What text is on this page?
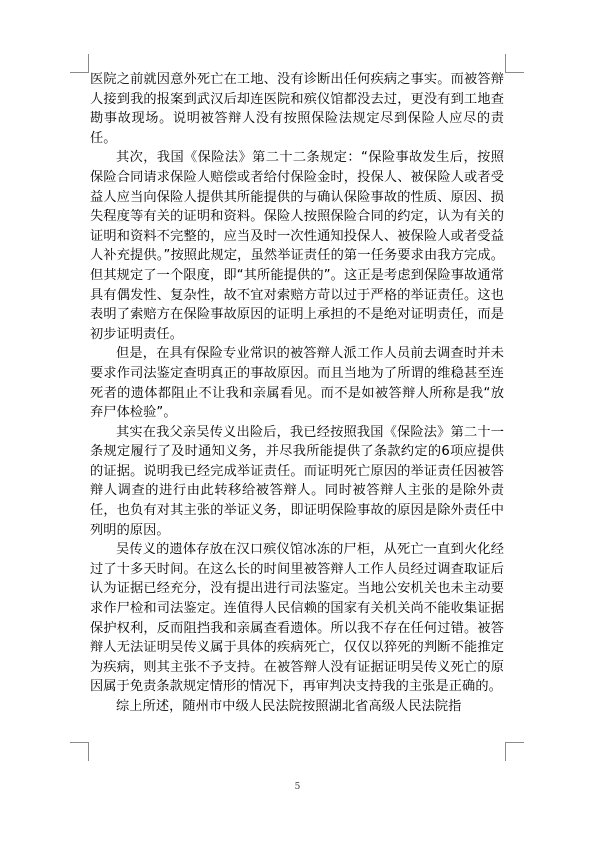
医院之前就因意外死亡在工地、没有诊断出任何疾病之事实。而被答辩人接到我的报案到武汉后却连医院和殡仪馆都没去过，更没有到工地查勘事故现场。说明被答辩人没有按照保险法规定尽到保险人应尽的责任。

其次，我国《保险法》第二十二条规定：“保险事故发生后，按照保险合同请求保险人赔偿或者给付保险金时，投保人、被保险人或者受益人应当向保险人提供其所能提供的与确认保险事故的性质、原因、损失程度等有关的证明和资料。保险人按照保险合同的约定，认为有关的证明和资料不完整的，应当及时一次性通知投保人、被保险人或者受益人补充提供。”按照此规定，虽然举证责任的第一任务要求由我方完成。但其规定了一个限度，即“其所能提供的”。这正是考虑到保险事故通常具有偶发性、复杂性，故不宜对索赔方苛以过于严格的举证责任。这也表明了索赔方在保险事故原因的证明上承担的不是绝对证明责任，而是初步证明责任。

但是，在具有保险专业常识的被答辩人派工作人员前去调查时并未要求作司法鉴定查明真正的事故原因。而且当地为了所谓的维稳甚至连死者的遗体都阻止不让我和亲属看见。而不是如被答辩人所称是我“放弃尸体检验”。

其实在我父亲吴传义出险后，我已经按照我国《保险法》第二十一条规定履行了及时通知义务，并尽我所能提供了条款约定的6项应提供的证据。说明我已经完成举证责任。而证明死亡原因的举证责任因被答辩人调查的进行由此转移给被答辩人。同时被答辩人主张的是除外责任，也负有对其主张的举证义务，即证明保险事故的原因是除外责任中列明的原因。

吴传义的遗体存放在汉口殡仪馆冰冻的尸柜，从死亡一直到火化经过了十多天时间。在这么长的时间里被答辩人工作人员经过调查取证后认为证据已经充分，没有提出进行司法鉴定。当地公安机关也未主动要求作尸检和司法鉴定。连值得人民信赖的国家有关机关尚不能收集证据保护权利，反而阻挡我和亲属查看遗体。所以我不存在任何过错。被答辩人无法证明吴传义属于具体的疾病死亡，仅仅以猝死的判断不能推定为疾病，则其主张不予支持。在被答辩人没有证据证明吴传义死亡的原因属于免责条款规定情形的情况下，再审判决支持我的主张是正确的。

综上所述，随州市中级人民法院按照湖北省高级人民法院指

5
